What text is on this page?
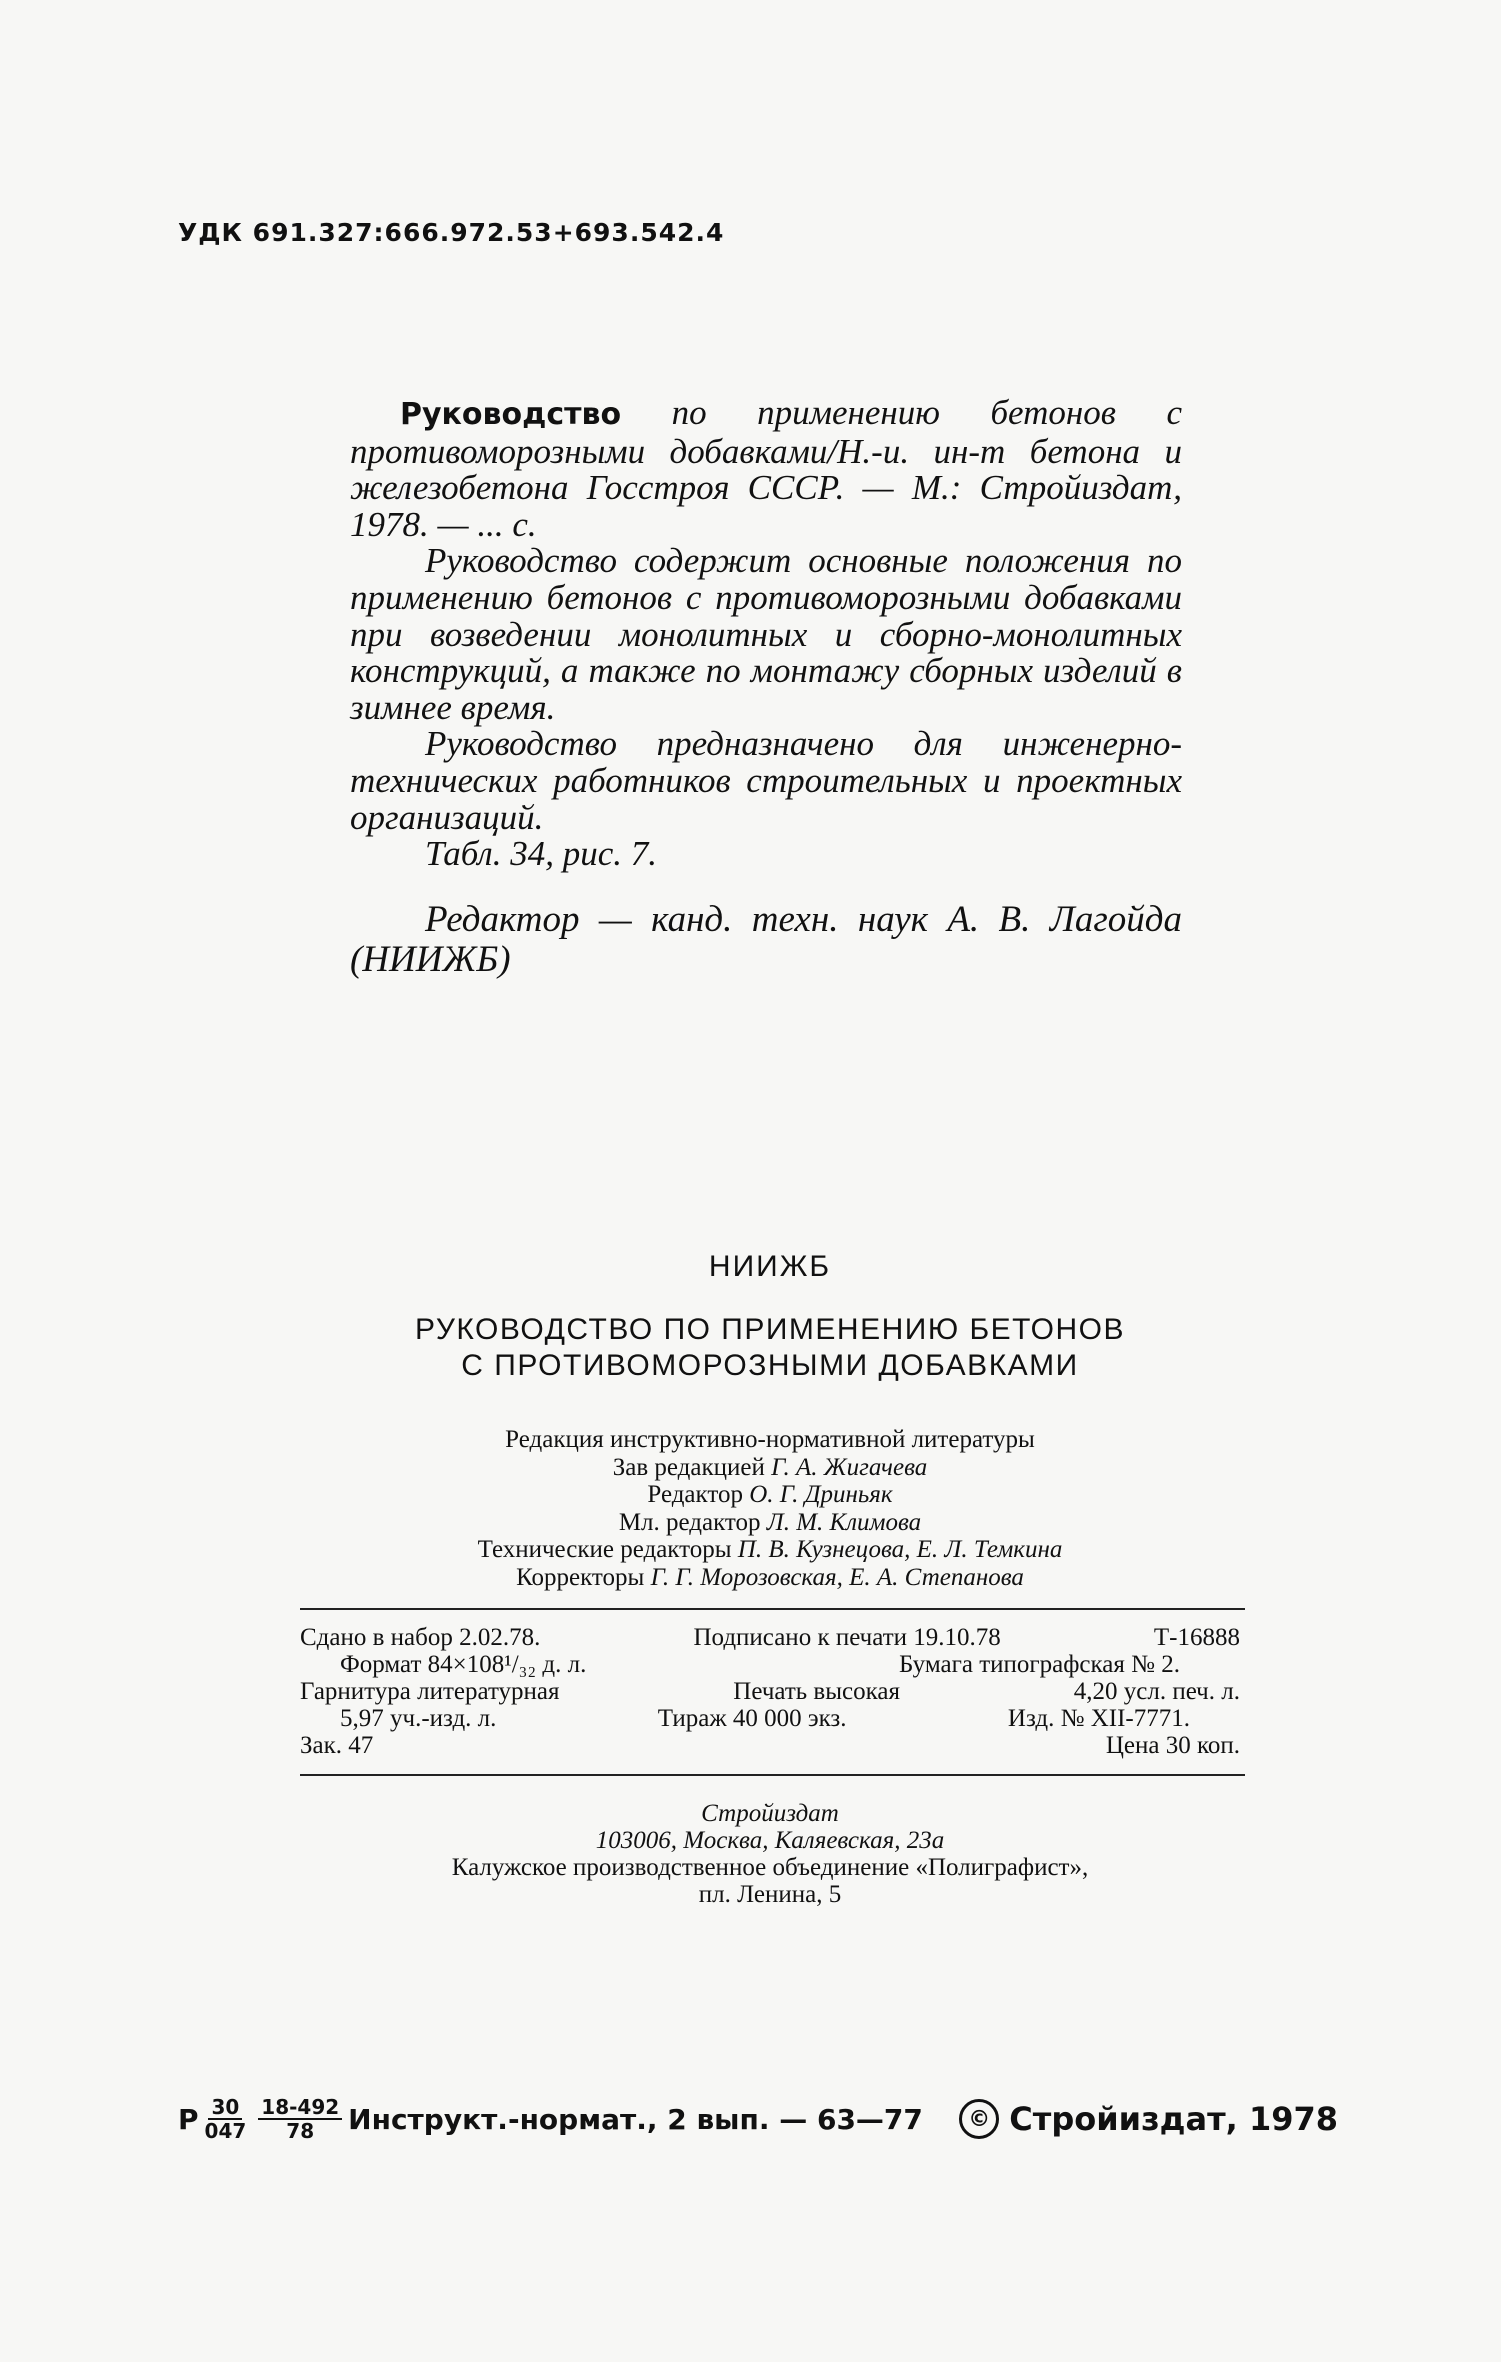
УДК 691.327:666.972.53+693.542.4

Руководство по применению бетонов с противоморозными добавками/Н.-и. ин-т бетона и железобетона Госстроя СССР. — М.: Стройиздат, 1978. — ... с.

Руководство содержит основные положения по применению бетонов с противоморозными добавками при возведении монолитных и сборно-монолитных конструкций, а также по монтажу сборных изделий в зимнее время.

Руководство предназначено для инженерно-технических работников строительных и проектных организаций.

Табл. 34, рис. 7.

Редактор — канд. техн. наук А. В. Лагойда
(НИИЖБ)
НИИЖБ
РУКОВОДСТВО ПО ПРИМЕНЕНИЮ БЕТОНОВ
С ПРОТИВОМОРОЗНЫМИ ДОБАВКАМИ
Редакция инструктивно-нормативной литературы
Зав редакцией Г. А. Жигачева
Редактор О. Г. Дриньяк
Мл. редактор Л. М. Климова
Технические редакторы П. В. Кузнецова, Е. Л. Темкина
Корректоры Г. Г. Морозовская, Е. А. Степанова
Сдано в набор 2.02.78.	Подписано к печати 19.10.78	Т-16888
Формат 84×108¹/₃₂ д. л.	Бумага типографская № 2.
Гарнитура литературная	Печать высокая	4,20 усл. печ. л.
5,97 уч.-изд. л.	Тираж 40 000 экз.	Изд. № XII-7771.
Зак. 47	Цена 30 коп.
Стройиздат
103006, Москва, Каляевская, 23а
Калужское производственное объединение «Полиграфист»,
пл. Ленина, 5
Р $\frac{30}{047} \frac{18-492}{78}$ Инструкт.-нормат., 2 вып. — 63—77	© Стройиздат, 1978
